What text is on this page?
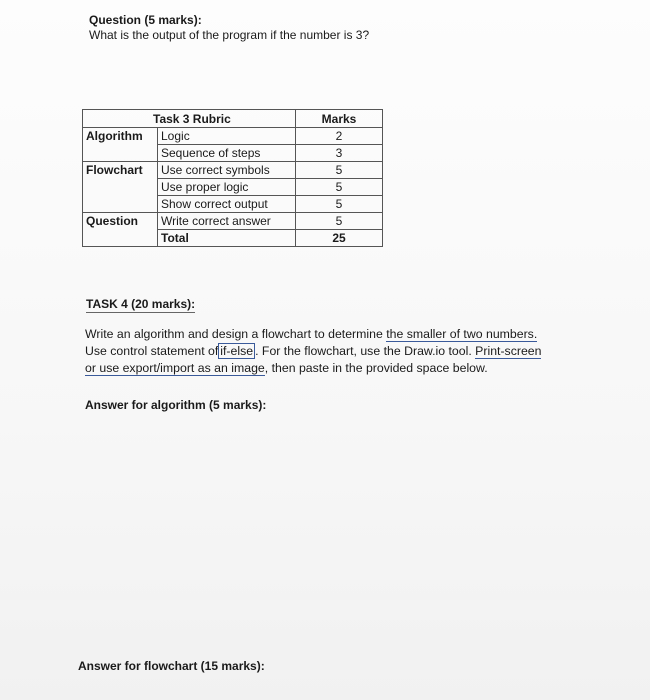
Question (5 marks):
What is the output of the program if the number is 3?
Task 3 Rubric		Marks
Algorithm	Logic	2
	Sequence of steps	3
Flowchart	Use correct symbols	5
	Use proper logic	5
	Show correct output	5
Question	Write correct answer	5
	Total	25
TASK 4 (20 marks):
Write an algorithm and design a flowchart to determine the smaller of two numbers.
Use control statement of if-else . For the flowchart, use the Draw.io tool. Print-screen
or use export/import as an image, then paste in the provided space below.
Answer for algorithm (5 marks):
Answer for flowchart (15 marks):
